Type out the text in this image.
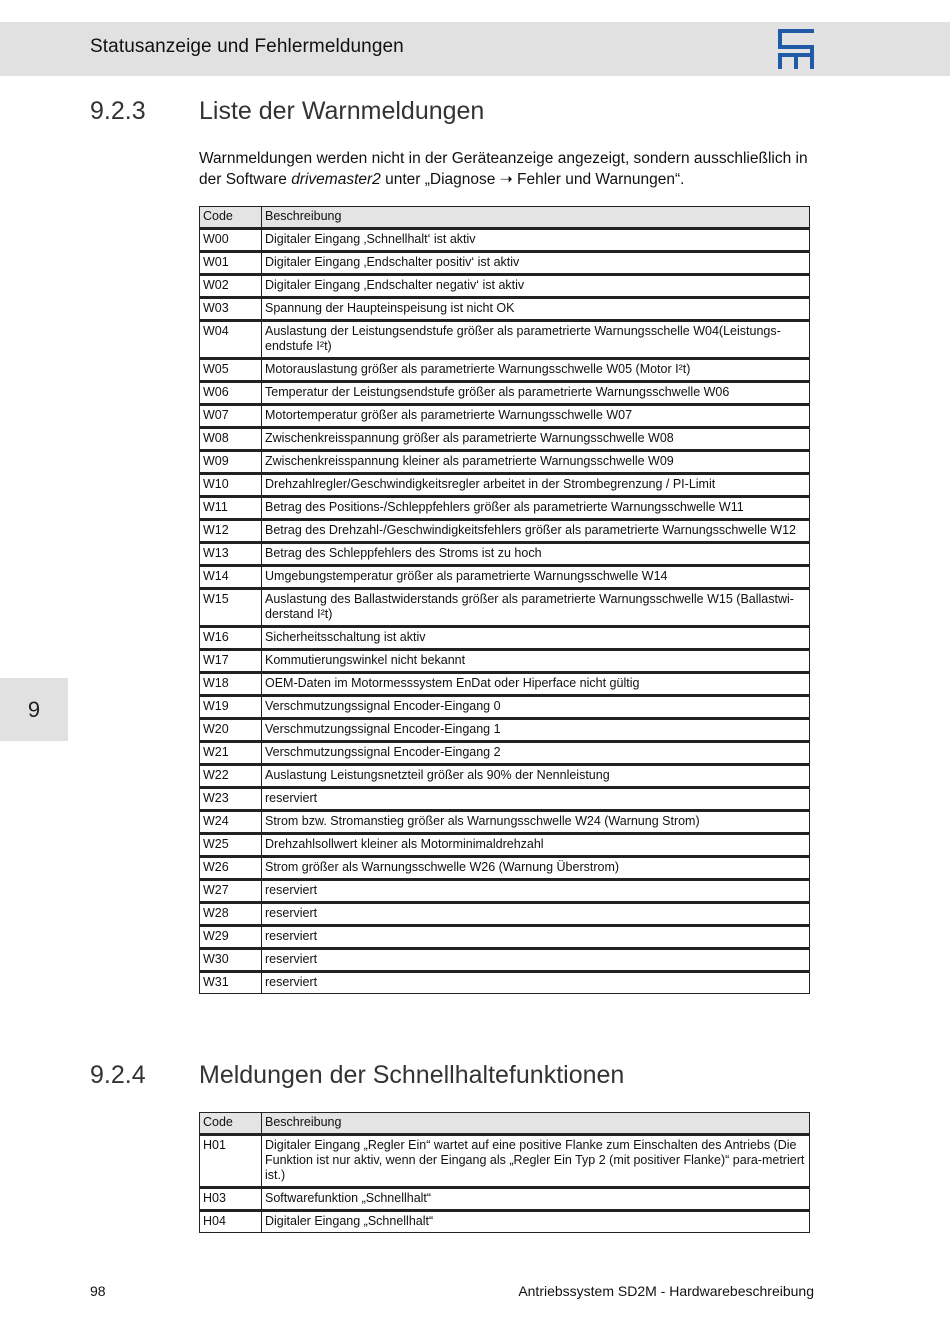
Statusanzeige und Fehlermeldungen
9
9.2.3 Liste der Warnmeldungen

Warnmeldungen werden nicht in der Geräteanzeige angezeigt, sondern ausschließlich in der Software drivemaster2 unter „Diagnose ➝ Fehler und Warnungen“.

Code	Beschreibung
W00	Digitaler Eingang ‚Schnellhalt‘ ist aktiv
W01	Digitaler Eingang ‚Endschalter positiv‘ ist aktiv
W02	Digitaler Eingang ‚Endschalter negativ‘ ist aktiv
W03	Spannung der Haupteinspeisung ist nicht OK
W04	Auslastung der Leistungsendstufe größer als parametrierte Warnungsschelle W04(Leistungs-endstufe I²t)
W05	Motorauslastung größer als parametrierte Warnungsschwelle W05 (Motor I²t)
W06	Temperatur der Leistungsendstufe größer als parametrierte Warnungsschwelle W06
W07	Motortemperatur größer als parametrierte Warnungsschwelle W07
W08	Zwischenkreisspannung größer als parametrierte Warnungsschwelle W08
W09	Zwischenkreisspannung kleiner als parametrierte Warnungsschwelle W09
W10	Drehzahlregler/Geschwindigkeitsregler arbeitet in der Strombegrenzung / PI-Limit
W11	Betrag des Positions-/Schleppfehlers größer als parametrierte Warnungsschwelle W11
W12	Betrag des Drehzahl-/Geschwindigkeitsfehlers größer als parametrierte Warnungsschwelle W12
W13	Betrag des Schleppfehlers des Stroms ist zu hoch
W14	Umgebungstemperatur größer als parametrierte Warnungsschwelle W14
W15	Auslastung des Ballastwiderstands größer als parametrierte Warnungsschwelle W15 (Ballastwi-derstand I²t)
W16	Sicherheitsschaltung ist aktiv
W17	Kommutierungswinkel nicht bekannt
W18	OEM-Daten im Motormesssystem EnDat oder Hiperface nicht gültig
W19	Verschmutzungssignal Encoder-Eingang 0
W20	Verschmutzungssignal Encoder-Eingang 1
W21	Verschmutzungssignal Encoder-Eingang 2
W22	Auslastung Leistungsnetzteil größer als 90% der Nennleistung
W23	reserviert
W24	Strom bzw. Stromanstieg größer als Warnungsschwelle W24 (Warnung Strom)
W25	Drehzahlsollwert kleiner als Motorminimaldrehzahl
W26	Strom größer als Warnungsschwelle W26 (Warnung Überstrom)
W27	reserviert
W28	reserviert
W29	reserviert
W30	reserviert
W31	reserviert
9.2.4 Meldungen der Schnellhaltefunktionen
Code	Beschreibung
H01	Digitaler Eingang „Regler Ein“ wartet auf eine positive Flanke zum Einschalten des Antriebs (Die Funktion ist nur aktiv, wenn der Eingang als „Regler Ein Typ 2 (mit positiver Flanke)“ para-metriert ist.)
H03	Softwarefunktion „Schnellhalt“
H04	Digitaler Eingang „Schnellhalt“
98	Antriebssystem SD2M - Hardwarebeschreibung
